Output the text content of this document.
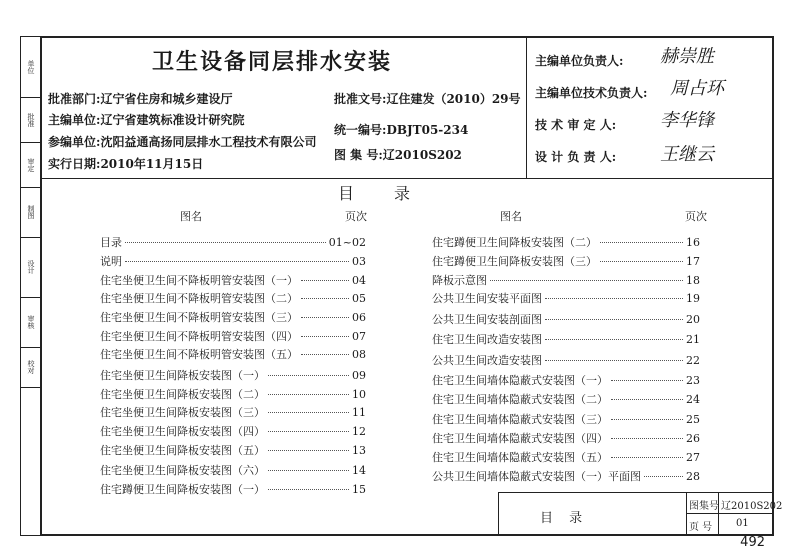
单位
批准
审定
制图
设计
审核
校对
卫生设备同层排水安装
批准部门:辽宁省住房和城乡建设厅
主编单位:辽宁省建筑标准设计研究院
参编单位:沈阳益通高扬同层排水工程技术有限公司
实行日期:2010年11月15日
批准文号:辽住建发（2010）29号
统一编号:DBJT05-234
图 集 号:辽2010S202
主编单位负责人: 赫崇胜
主编单位技术负责人: 周占环
技 术 审 定 人: 李华锋
设 计 负 责 人: 王继云
目录
图名	页次	图名	页次
目录	01~02
说明	03
住宅坐便卫生间不降板明管安装图（一）	04
住宅坐便卫生间不降板明管安装图（二）	05
住宅坐便卫生间不降板明管安装图（三）	06
住宅坐便卫生间不降板明管安装图（四）	07
住宅坐便卫生间不降板明管安装图（五）	08
住宅坐便卫生间降板安装图（一）	09
住宅坐便卫生间降板安装图（二）	10
住宅坐便卫生间降板安装图（三）	11
住宅坐便卫生间降板安装图（四）	12
住宅坐便卫生间降板安装图（五）	13
住宅坐便卫生间降板安装图（六）	14
住宅蹲便卫生间降板安装图（一）	15
住宅蹲便卫生间降板安装图（二）	16
住宅蹲便卫生间降板安装图（三）	17
降板示意图	18
公共卫生间安装平面图	19
公共卫生间安装剖面图	20
住宅卫生间改造安装图	21
公共卫生间改造安装图	22
住宅卫生间墙体隐蔽式安装图（一）	23
住宅卫生间墙体隐蔽式安装图（二）	24
住宅卫生间墙体隐蔽式安装图（三）	25
住宅卫生间墙体隐蔽式安装图（四）	26
住宅卫生间墙体隐蔽式安装图（五）	27
公共卫生间墙体隐蔽式安装图（一）平面图	28
目 录
图集号 辽2010S202
页 号 01
492
